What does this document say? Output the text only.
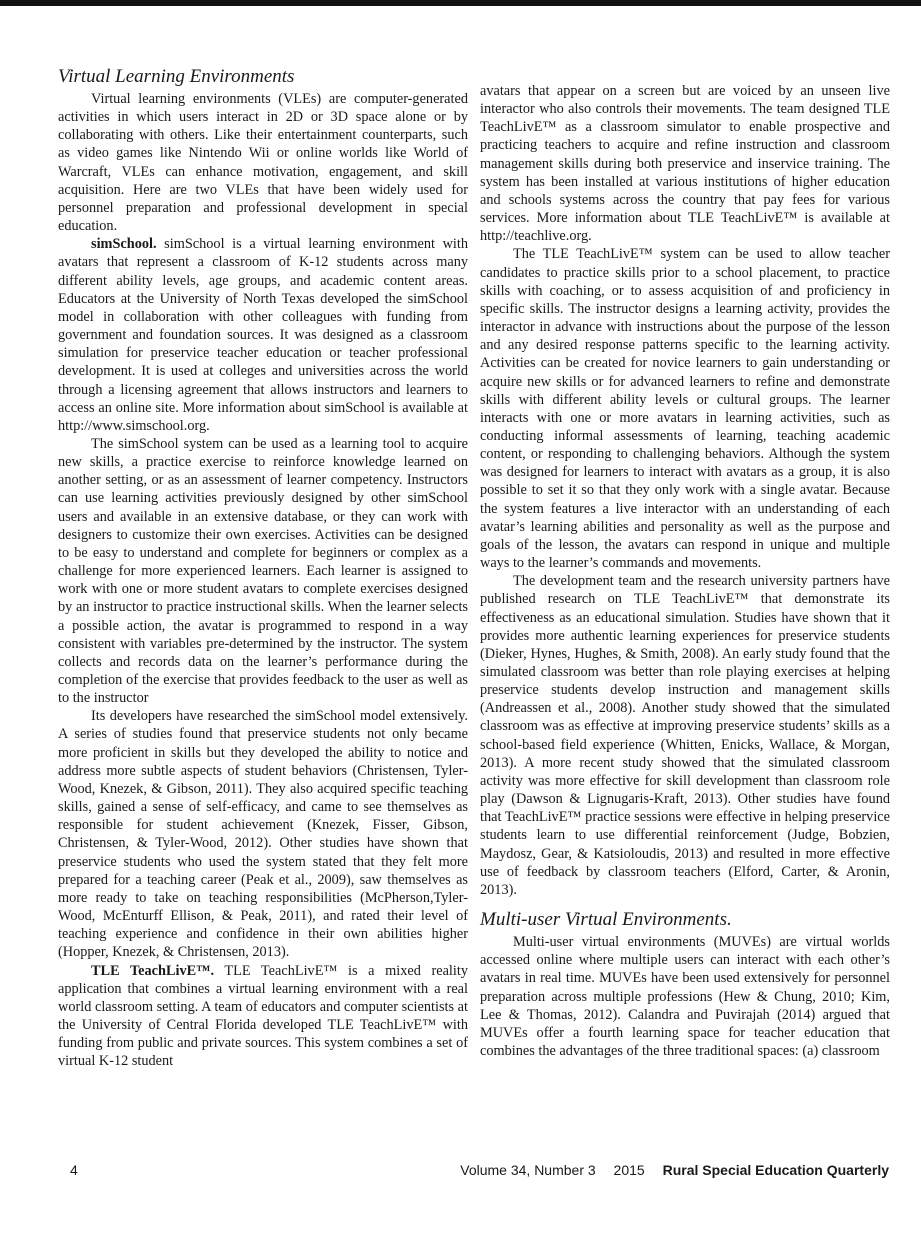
Virtual Learning Environments

Virtual learning environments (VLEs) are computer-generated activities in which users interact in 2D or 3D space alone or by collaborating with others. Like their entertainment counterparts, such as video games like Nintendo Wii or online worlds like World of Warcraft, VLEs can enhance motivation, engagement, and skill acquisition. Here are two VLEs that have been widely used for personnel preparation and professional development in special education.

simSchool. simSchool is a virtual learning environment with avatars that represent a classroom of K-12 students across many different ability levels, age groups, and academic content areas. Educators at the University of North Texas developed the simSchool model in collaboration with other colleagues with funding from government and foundation sources. It was designed as a classroom simulation for preservice teacher education or teacher professional development. It is used at colleges and universities across the world through a licensing agreement that allows instructors and learners to access an online site. More information about simSchool is available at http://www.simschool.org.

The simSchool system can be used as a learning tool to acquire new skills, a practice exercise to reinforce knowledge learned on another setting, or as an assessment of learner competency. Instructors can use learning activities previously designed by other simSchool users and available in an extensive database, or they can work with designers to customize their own exercises. Activities can be designed to be easy to understand and complete for beginners or complex as a challenge for more experienced learners. Each learner is assigned to work with one or more student avatars to complete exercises designed by an instructor to practice instructional skills. When the learner selects a possible action, the avatar is programmed to respond in a way consistent with variables pre-determined by the instructor. The system collects and records data on the learner’s performance during the completion of the exercise that provides feedback to the user as well as to the instructor

Its developers have researched the simSchool model extensively. A series of studies found that preservice students not only became more proficient in skills but they developed the ability to notice and address more subtle aspects of student behaviors (Christensen, Tyler-Wood, Knezek, & Gibson, 2011). They also acquired specific teaching skills, gained a sense of self-efficacy, and came to see themselves as responsible for student achievement (Knezek, Fisser, Gibson, Christensen, & Tyler-Wood, 2012). Other studies have shown that preservice students who used the system stated that they felt more prepared for a teaching career (Peak et al., 2009), saw themselves as more ready to take on teaching responsibilities (McPherson,Tyler-Wood, McEnturff Ellison, & Peak, 2011), and rated their level of teaching experience and confidence in their own abilities higher (Hopper, Knezek, & Christensen, 2013).

TLE TeachLivE™. TLE TeachLivE™ is a mixed reality application that combines a virtual learning environment with a real world classroom setting. A team of educators and computer scientists at the University of Central Florida developed TLE TeachLivE™ with funding from public and private sources. This system combines a set of virtual K-12 student

avatars that appear on a screen but are voiced by an unseen live interactor who also controls their movements. The team designed TLE TeachLivE™ as a classroom simulator to enable prospective and practicing teachers to acquire and refine instruction and classroom management skills during both preservice and inservice training. The system has been installed at various institutions of higher education and schools systems across the country that pay fees for various services. More information about TLE TeachLivE™ is available at http://teachlive.org.

The TLE TeachLivE™ system can be used to allow teacher candidates to practice skills prior to a school placement, to practice skills with coaching, or to assess acquisition of and proficiency in specific skills. The instructor designs a learning activity, provides the interactor in advance with instructions about the purpose of the lesson and any desired response patterns specific to the learning activity. Activities can be created for novice learners to gain understanding or acquire new skills or for advanced learners to refine and demonstrate skills with different ability levels or cultural groups. The learner interacts with one or more avatars in learning activities, such as conducting informal assessments of learning, teaching academic content, or responding to challenging behaviors. Although the system was designed for learners to interact with avatars as a group, it is also possible to set it so that they only work with a single avatar. Because the system features a live interactor with an understanding of each avatar’s learning abilities and personality as well as the purpose and goals of the lesson, the avatars can respond in unique and multiple ways to the learner’s commands and movements.

The development team and the research university partners have published research on TLE TeachLivE™ that demonstrate its effectiveness as an educational simulation. Studies have shown that it provides more authentic learning experiences for preservice students (Dieker, Hynes, Hughes, & Smith, 2008). An early study found that the simulated classroom was better than role playing exercises at helping preservice students develop instruction and management skills (Andreassen et al., 2008). Another study showed that the simulated classroom was as effective at improving preservice students’ skills as a school-based field experience (Whitten, Enicks, Wallace, & Morgan, 2013). A more recent study showed that the simulated classroom activity was more effective for skill development than classroom role play (Dawson & Lignugaris-Kraft, 2013). Other studies have found that TeachLivE™ practice sessions were effective in helping preservice students learn to use differential reinforcement (Judge, Bobzien, Maydosz, Gear, & Katsioloudis, 2013) and resulted in more effective use of feedback by classroom teachers (Elford, Carter, & Aronin, 2013).

Multi-user Virtual Environments.

Multi-user virtual environments (MUVEs) are virtual worlds accessed online where multiple users can interact with each other’s avatars in real time. MUVEs have been used extensively for personnel preparation across multiple professions (Hew & Chung, 2010; Kim, Lee & Thomas, 2012). Calandra and Puvirajah (2014) argued that MUVEs offer a fourth learning space for teacher education that combines the advantages of the three traditional spaces: (a) classroom

4	Volume 34, Number 3 2015 Rural Special Education Quarterly
